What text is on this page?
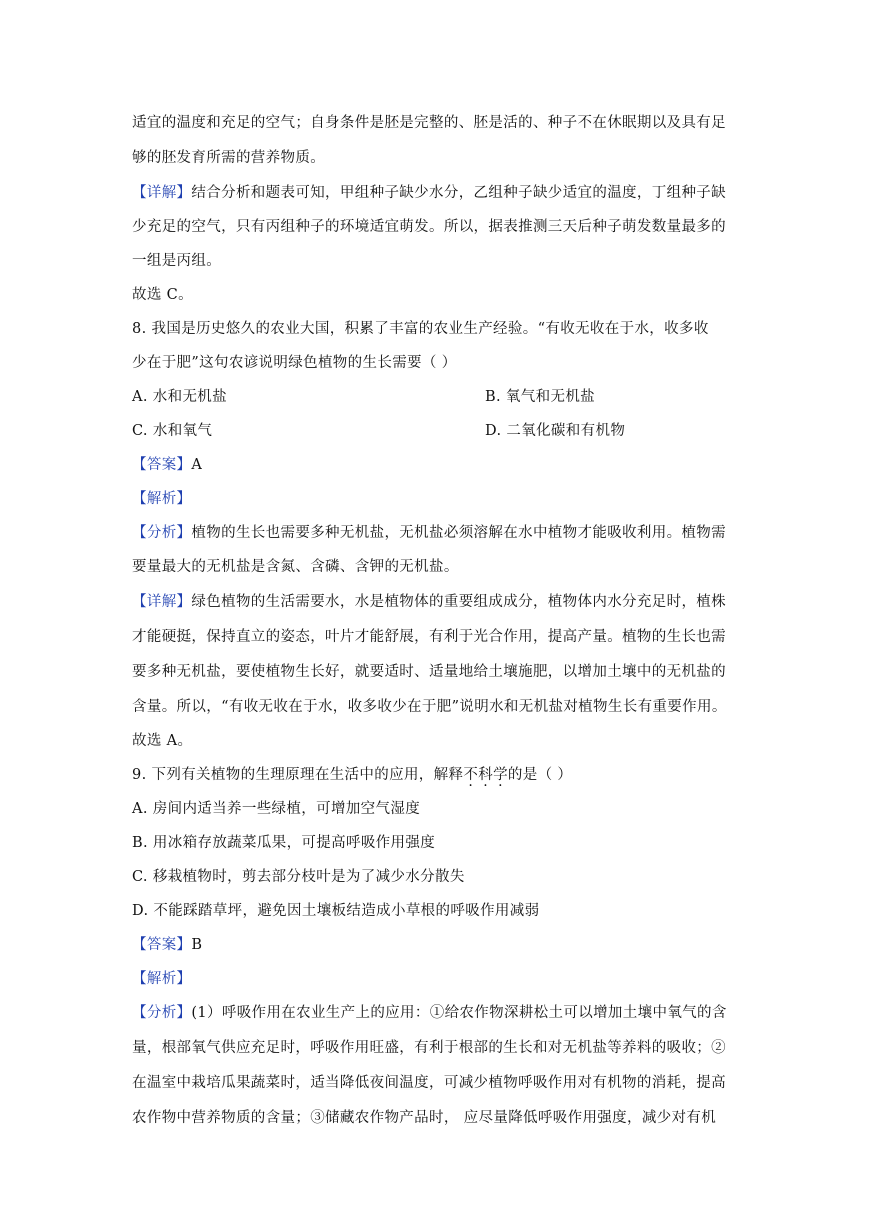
适宜的温度和充足的空气；自身条件是胚是完整的、胚是活的、种子不在休眠期以及具有足
够的胚发育所需的营养物质。
【详解】结合分析和题表可知，甲组种子缺少水分，乙组种子缺少适宜的温度，丁组种子缺
少充足的空气，只有丙组种子的环境适宜萌发。所以，据表推测三天后种子萌发数量最多的
一组是丙组。
故选 C。
8. 我国是历史悠久的农业大国，积累了丰富的农业生产经验。“有收无收在于水，收多收
少在于肥”这句农谚说明绿色植物的生长需要（ ）
A. 水和无机盐	B. 氧气和无机盐
C. 水和氧气	D. 二氧化碳和有机物
【答案】A
【解析】
【分析】植物的生长也需要多种无机盐，无机盐必须溶解在水中植物才能吸收利用。植物需
要量最大的无机盐是含氮、含磷、含钾的无机盐。
【详解】绿色植物的生活需要水，水是植物体的重要组成成分，植物体内水分充足时，植株
才能硬挺，保持直立的姿态，叶片才能舒展，有利于光合作用，提高产量。植物的生长也需
要多种无机盐，要使植物生长好，就要适时、适量地给土壤施肥，以增加土壤中的无机盐的
含量。所以，“有收无收在于水，收多收少在于肥”说明水和无机盐对植物生长有重要作用。
故选 A。
9. 下列有关植物的生理原理在生活中的应用，解释不科学的是（ ）
A. 房间内适当养一些绿植，可增加空气湿度
B. 用冰箱存放蔬菜瓜果，可提高呼吸作用强度
C. 移栽植物时，剪去部分枝叶是为了减少水分散失
D. 不能踩踏草坪，避免因土壤板结造成小草根的呼吸作用减弱
【答案】B
【解析】
【分析】(1）呼吸作用在农业生产上的应用：①给农作物深耕松土可以增加土壤中氧气的含
量，根部氧气供应充足时，呼吸作用旺盛，有利于根部的生长和对无机盐等养料的吸收；②
在温室中栽培瓜果蔬菜时，适当降低夜间温度，可减少植物呼吸作用对有机物的消耗，提高
农作物中营养物质的含量；③储藏农作物产品时， 应尽量降低呼吸作用强度，减少对有机
